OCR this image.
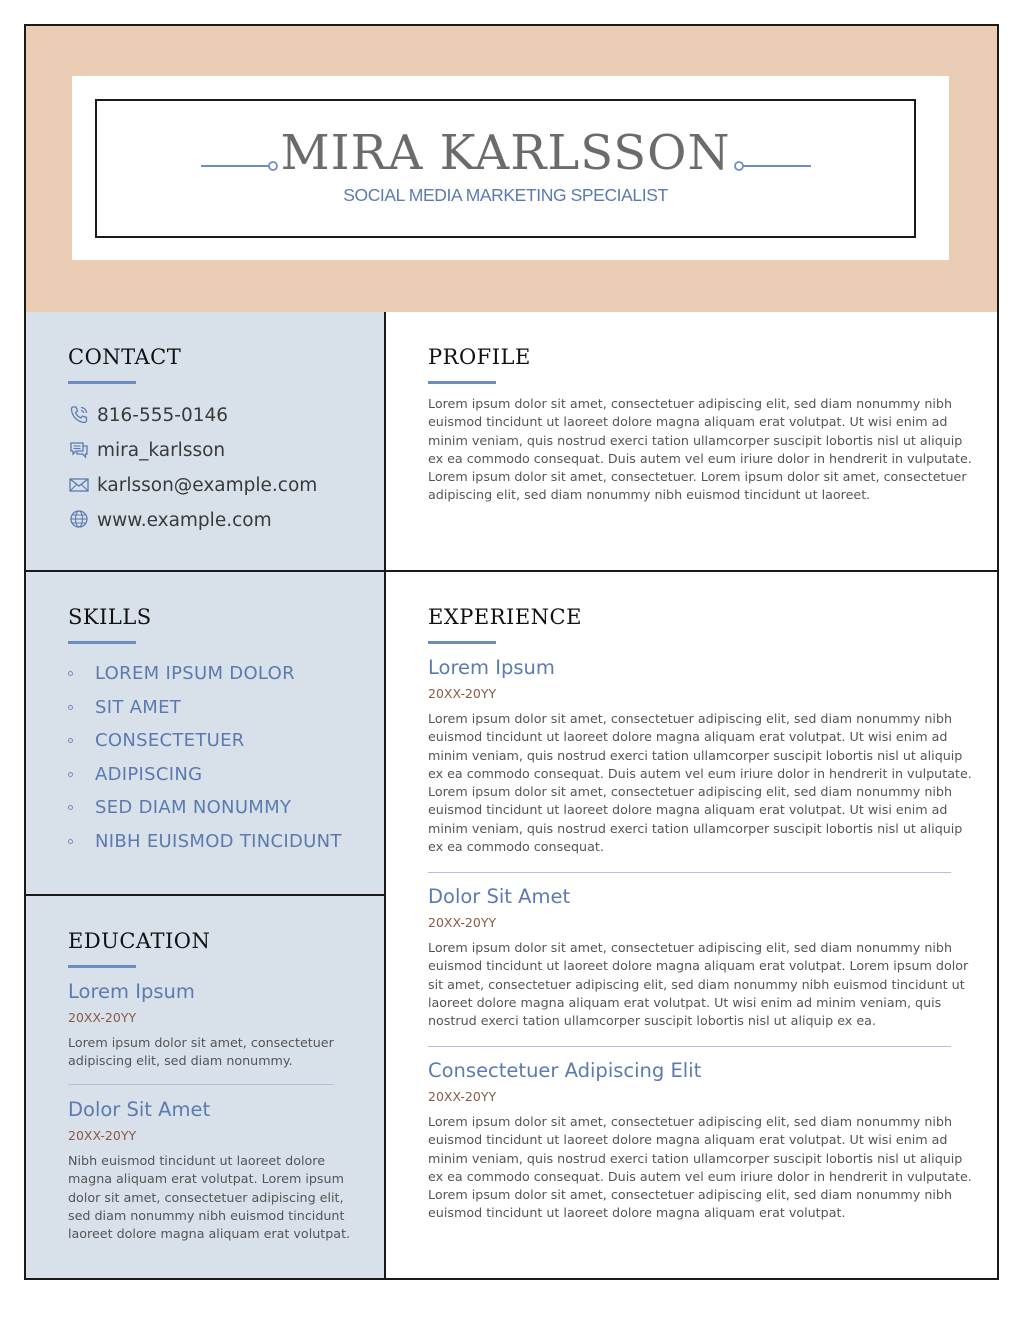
MIRA KARLSSON
SOCIAL MEDIA MARKETING SPECIALIST
CONTACT
816-555-0146
mira_karlsson
karlsson@example.com
www.example.com
SKILLS
LOREM IPSUM DOLOR
SIT AMET
CONSECTETUER
ADIPISCING
SED DIAM NONUMMY
NIBH EUISMOD TINCIDUNT
EDUCATION
Lorem Ipsum
20XX-20YY
Lorem ipsum dolor sit amet, consectetuer
adipiscing elit, sed diam nonummy.
Dolor Sit Amet
20XX-20YY
Nibh euismod tincidunt ut laoreet dolore
magna aliquam erat volutpat. Lorem ipsum
dolor sit amet, consectetuer adipiscing elit,
sed diam nonummy nibh euismod tincidunt
laoreet dolore magna aliquam erat volutpat.
PROFILE
Lorem ipsum dolor sit amet, consectetuer adipiscing elit, sed diam nonummy nibh
euismod tincidunt ut laoreet dolore magna aliquam erat volutpat. Ut wisi enim ad
minim veniam, quis nostrud exerci tation ullamcorper suscipit lobortis nisl ut aliquip
ex ea commodo consequat. Duis autem vel eum iriure dolor in hendrerit in vulputate.
Lorem ipsum dolor sit amet, consectetuer. Lorem ipsum dolor sit amet, consectetuer
adipiscing elit, sed diam nonummy nibh euismod tincidunt ut laoreet.
EXPERIENCE
Lorem Ipsum
20XX-20YY
Lorem ipsum dolor sit amet, consectetuer adipiscing elit, sed diam nonummy nibh
euismod tincidunt ut laoreet dolore magna aliquam erat volutpat. Ut wisi enim ad
minim veniam, quis nostrud exerci tation ullamcorper suscipit lobortis nisl ut aliquip
ex ea commodo consequat. Duis autem vel eum iriure dolor in hendrerit in vulputate.
Lorem ipsum dolor sit amet, consectetuer adipiscing elit, sed diam nonummy nibh
euismod tincidunt ut laoreet dolore magna aliquam erat volutpat. Ut wisi enim ad
minim veniam, quis nostrud exerci tation ullamcorper suscipit lobortis nisl ut aliquip
ex ea commodo consequat.
Dolor Sit Amet
20XX-20YY
Lorem ipsum dolor sit amet, consectetuer adipiscing elit, sed diam nonummy nibh
euismod tincidunt ut laoreet dolore magna aliquam erat volutpat. Lorem ipsum dolor
sit amet, consectetuer adipiscing elit, sed diam nonummy nibh euismod tincidunt ut
laoreet dolore magna aliquam erat volutpat. Ut wisi enim ad minim veniam, quis
nostrud exerci tation ullamcorper suscipit lobortis nisl ut aliquip ex ea.
Consectetuer Adipiscing Elit
20XX-20YY
Lorem ipsum dolor sit amet, consectetuer adipiscing elit, sed diam nonummy nibh
euismod tincidunt ut laoreet dolore magna aliquam erat volutpat. Ut wisi enim ad
minim veniam, quis nostrud exerci tation ullamcorper suscipit lobortis nisl ut aliquip
ex ea commodo consequat. Duis autem vel eum iriure dolor in hendrerit in vulputate.
Lorem ipsum dolor sit amet, consectetuer adipiscing elit, sed diam nonummy nibh
euismod tincidunt ut laoreet dolore magna aliquam erat volutpat.
